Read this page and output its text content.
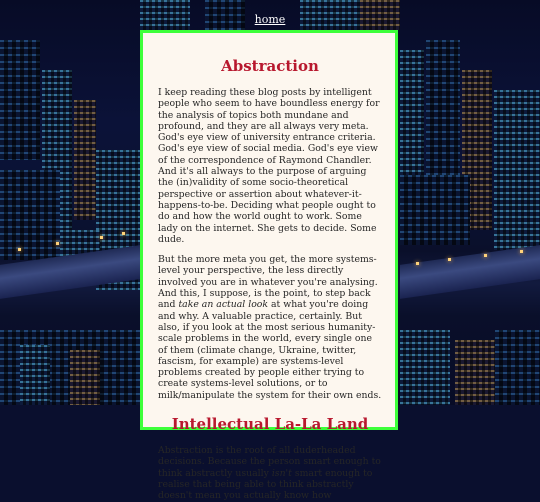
home
Abstraction

I keep reading these blog posts by intelligent people who seem to have boundless energy for the analysis of topics both mundane and profound, and they are all always very meta. God's eye view of university entrance criteria. God's eye view of social media. God's eye view of the correspondence of Raymond Chandler. And it's all always to the purpose of arguing the (in)validity of some socio-theoretical perspective or assertion about whatever-it-happens-to-be. Deciding what people ought to do and how the world ought to work. Some lady on the internet. She gets to decide. Some dude.

But the more meta you get, the more systems-level your perspective, the less directly involved you are in whatever you're analysing. And this, I suppose, is the point, to step back and take an actual look at what you're doing and why. A valuable practice, certainly. But also, if you look at the most serious humanity-scale problems in the world, every single one of them (climate change, Ukraine, twitter, fascism, for example) are systems-level problems created by people either trying to create systems-level solutions, or to milk/manipulate the system for their own ends.

Intellectual La-La Land

Abstraction is the root of all duderheaded decisions. Because the person smart enough to think abstractly usually isn't smart enough to realise that being able to think abstractly doesn't mean you actually know how
